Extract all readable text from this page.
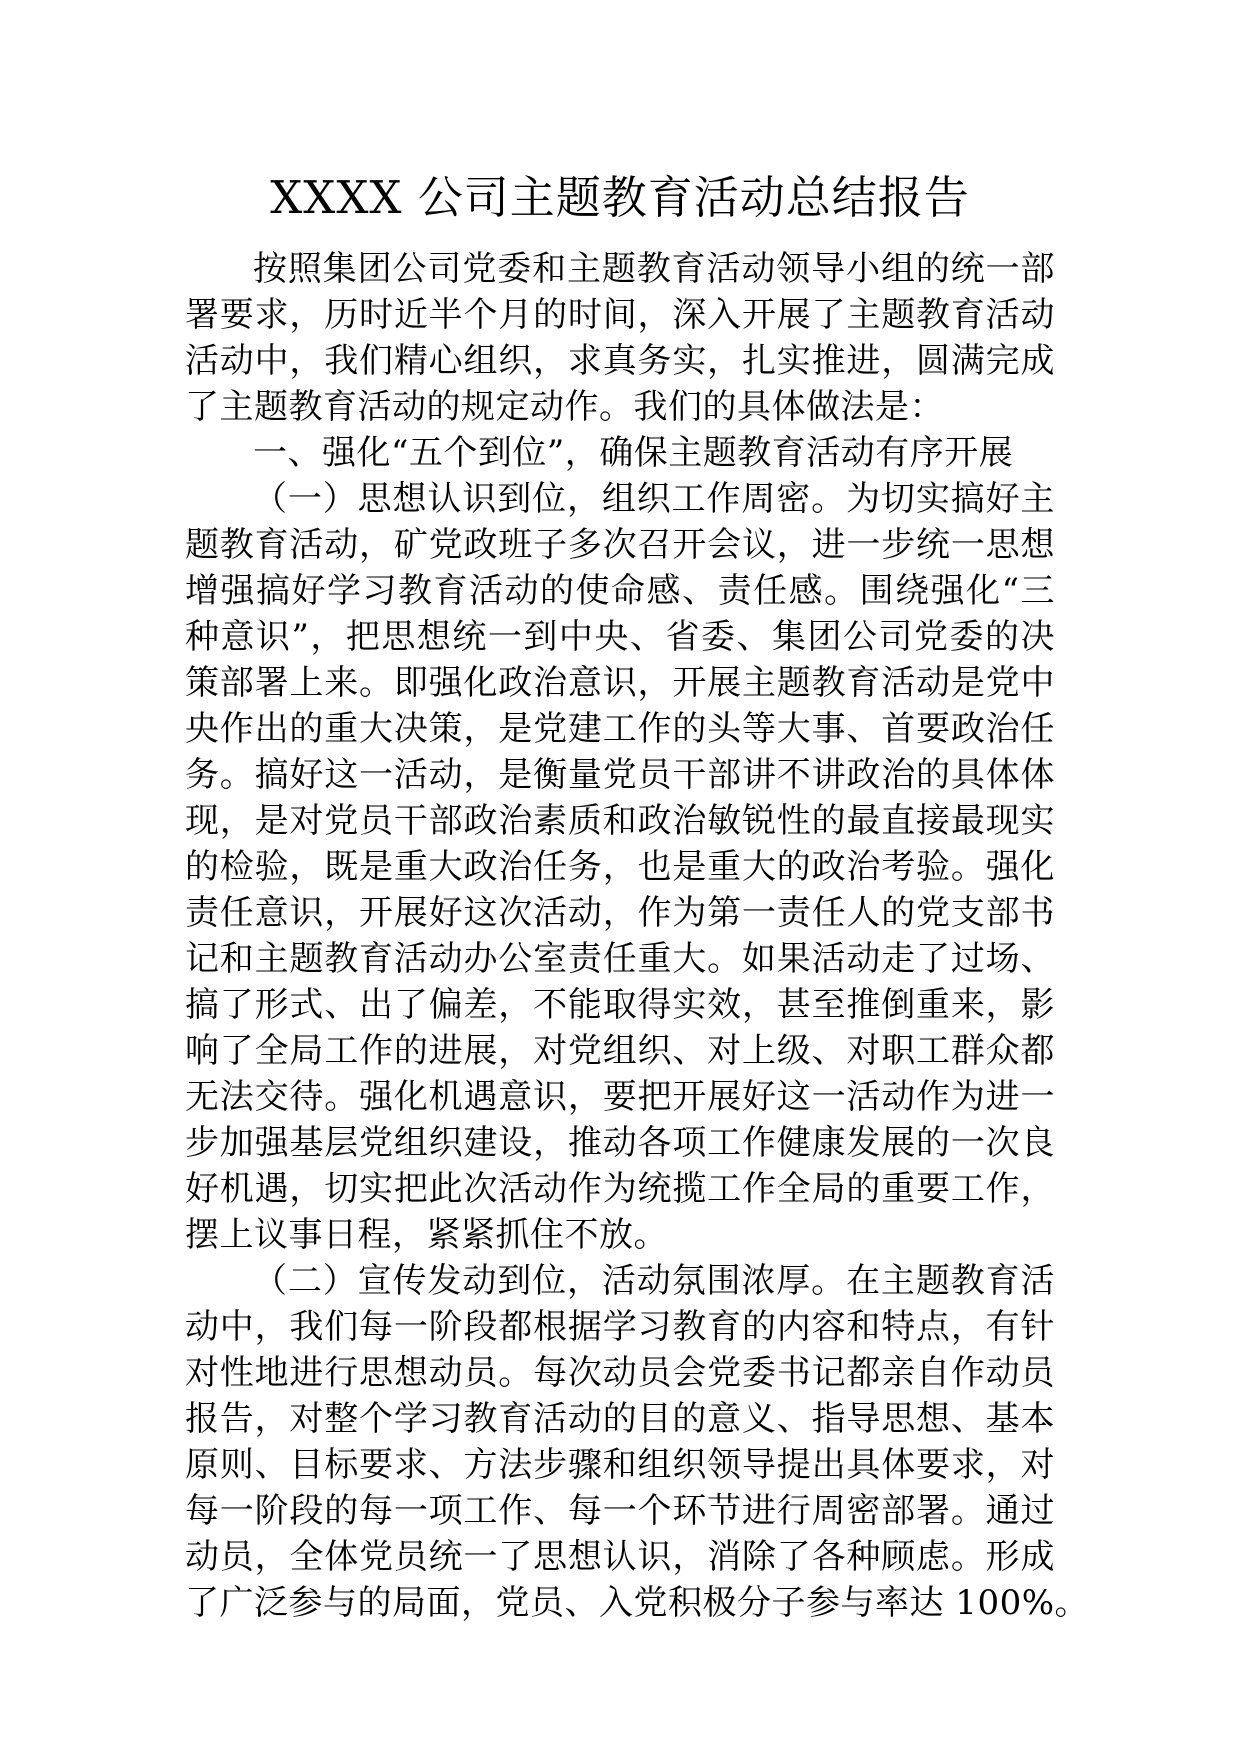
XXXX 公司主题教育活动总结报告
按照集团公司党委和主题教育活动领导小组的统一部
署要求，历时近半个月的时间，深入开展了主题教育活动
活动中，我们精心组织，求真务实，扎实推进，圆满完成
了主题教育活动的规定动作。我们的具体做法是：
一、强化“五个到位”，确保主题教育活动有序开展
（一）思想认识到位，组织工作周密。为切实搞好主
题教育活动，矿党政班子多次召开会议，进一步统一思想
增强搞好学习教育活动的使命感、责任感。围绕强化“三
种意识”，把思想统一到中央、省委、集团公司党委的决
策部署上来。即强化政治意识，开展主题教育活动是党中
央作出的重大决策，是党建工作的头等大事、首要政治任
务。搞好这一活动，是衡量党员干部讲不讲政治的具体体
现，是对党员干部政治素质和政治敏锐性的最直接最现实
的检验，既是重大政治任务，也是重大的政治考验。强化
责任意识，开展好这次活动，作为第一责任人的党支部书
记和主题教育活动办公室责任重大。如果活动走了过场、
搞了形式、出了偏差，不能取得实效，甚至推倒重来，影
响了全局工作的进展，对党组织、对上级、对职工群众都
无法交待。强化机遇意识，要把开展好这一活动作为进一
步加强基层党组织建设，推动各项工作健康发展的一次良
好机遇，切实把此次活动作为统揽工作全局的重要工作，
摆上议事日程，紧紧抓住不放。
（二）宣传发动到位，活动氛围浓厚。在主题教育活
动中，我们每一阶段都根据学习教育的内容和特点，有针
对性地进行思想动员。每次动员会党委书记都亲自作动员
报告，对整个学习教育活动的目的意义、指导思想、基本
原则、目标要求、方法步骤和组织领导提出具体要求，对
每一阶段的每一项工作、每一个环节进行周密部署。通过
动员，全体党员统一了思想认识，消除了各种顾虑。形成
了广泛参与的局面，党员、入党积极分子参与率达 100%。
